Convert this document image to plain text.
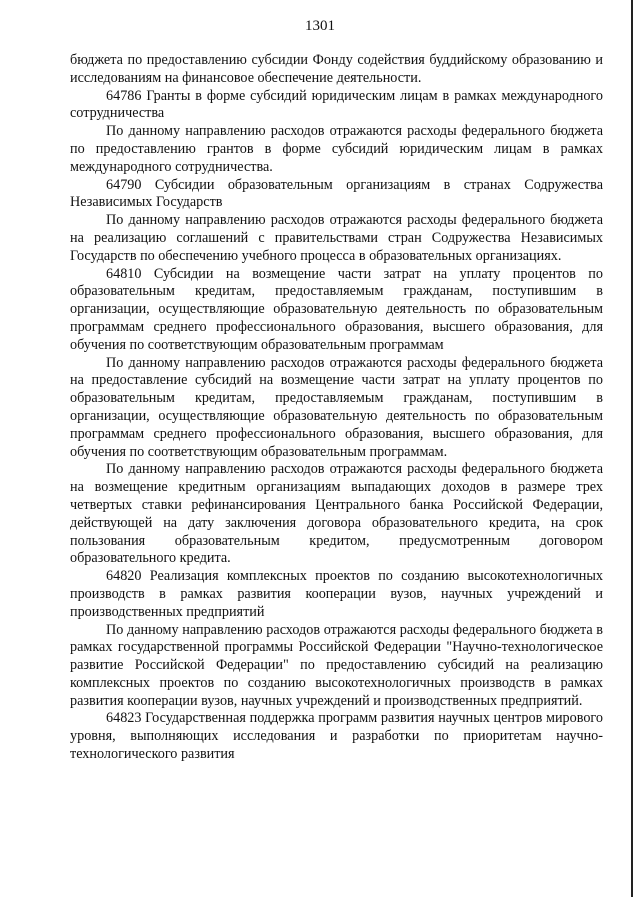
1301

бюджета по предоставлению субсидии Фонду содействия буддийскому образованию и исследованиям на финансовое обеспечение деятельности.

64786 Гранты в форме субсидий юридическим лицам в рамках международного сотрудничества

По данному направлению расходов отражаются расходы федерального бюджета по предоставлению грантов в форме субсидий юридическим лицам в рамках международного сотрудничества.

64790 Субсидии образовательным организациям в странах Содружества Независимых Государств

По данному направлению расходов отражаются расходы федерального бюджета на реализацию соглашений с правительствами стран Содружества Независимых Государств по обеспечению учебного процесса в образовательных организациях.

64810 Субсидии на возмещение части затрат на уплату процентов по образовательным кредитам, предоставляемым гражданам, поступившим в организации, осуществляющие образовательную деятельность по образовательным программам среднего профессионального образования, высшего образования, для обучения по соответствующим образовательным программам

По данному направлению расходов отражаются расходы федерального бюджета на предоставление субсидий на возмещение части затрат на уплату процентов по образовательным кредитам, предоставляемым гражданам, поступившим в организации, осуществляющие образовательную деятельность по образовательным программам среднего профессионального образования, высшего образования, для обучения по соответствующим образовательным программам.

По данному направлению расходов отражаются расходы федерального бюджета на возмещение кредитным организациям выпадающих доходов в размере трех четвертых ставки рефинансирования Центрального банка Российской Федерации, действующей на дату заключения договора образовательного кредита, на срок пользования образовательным кредитом, предусмотренным договором образовательного кредита.

64820 Реализация комплексных проектов по созданию высокотехнологичных производств в рамках развития кооперации вузов, научных учреждений и производственных предприятий

По данному направлению расходов отражаются расходы федерального бюджета в рамках государственной программы Российской Федерации "Научно-технологическое развитие Российской Федерации" по предоставлению субсидий на реализацию комплексных проектов по созданию высокотехнологичных производств в рамках развития кооперации вузов, научных учреждений и производственных предприятий.

64823 Государственная поддержка программ развития научных центров мирового уровня, выполняющих исследования и разработки по приоритетам научно-технологического развития
